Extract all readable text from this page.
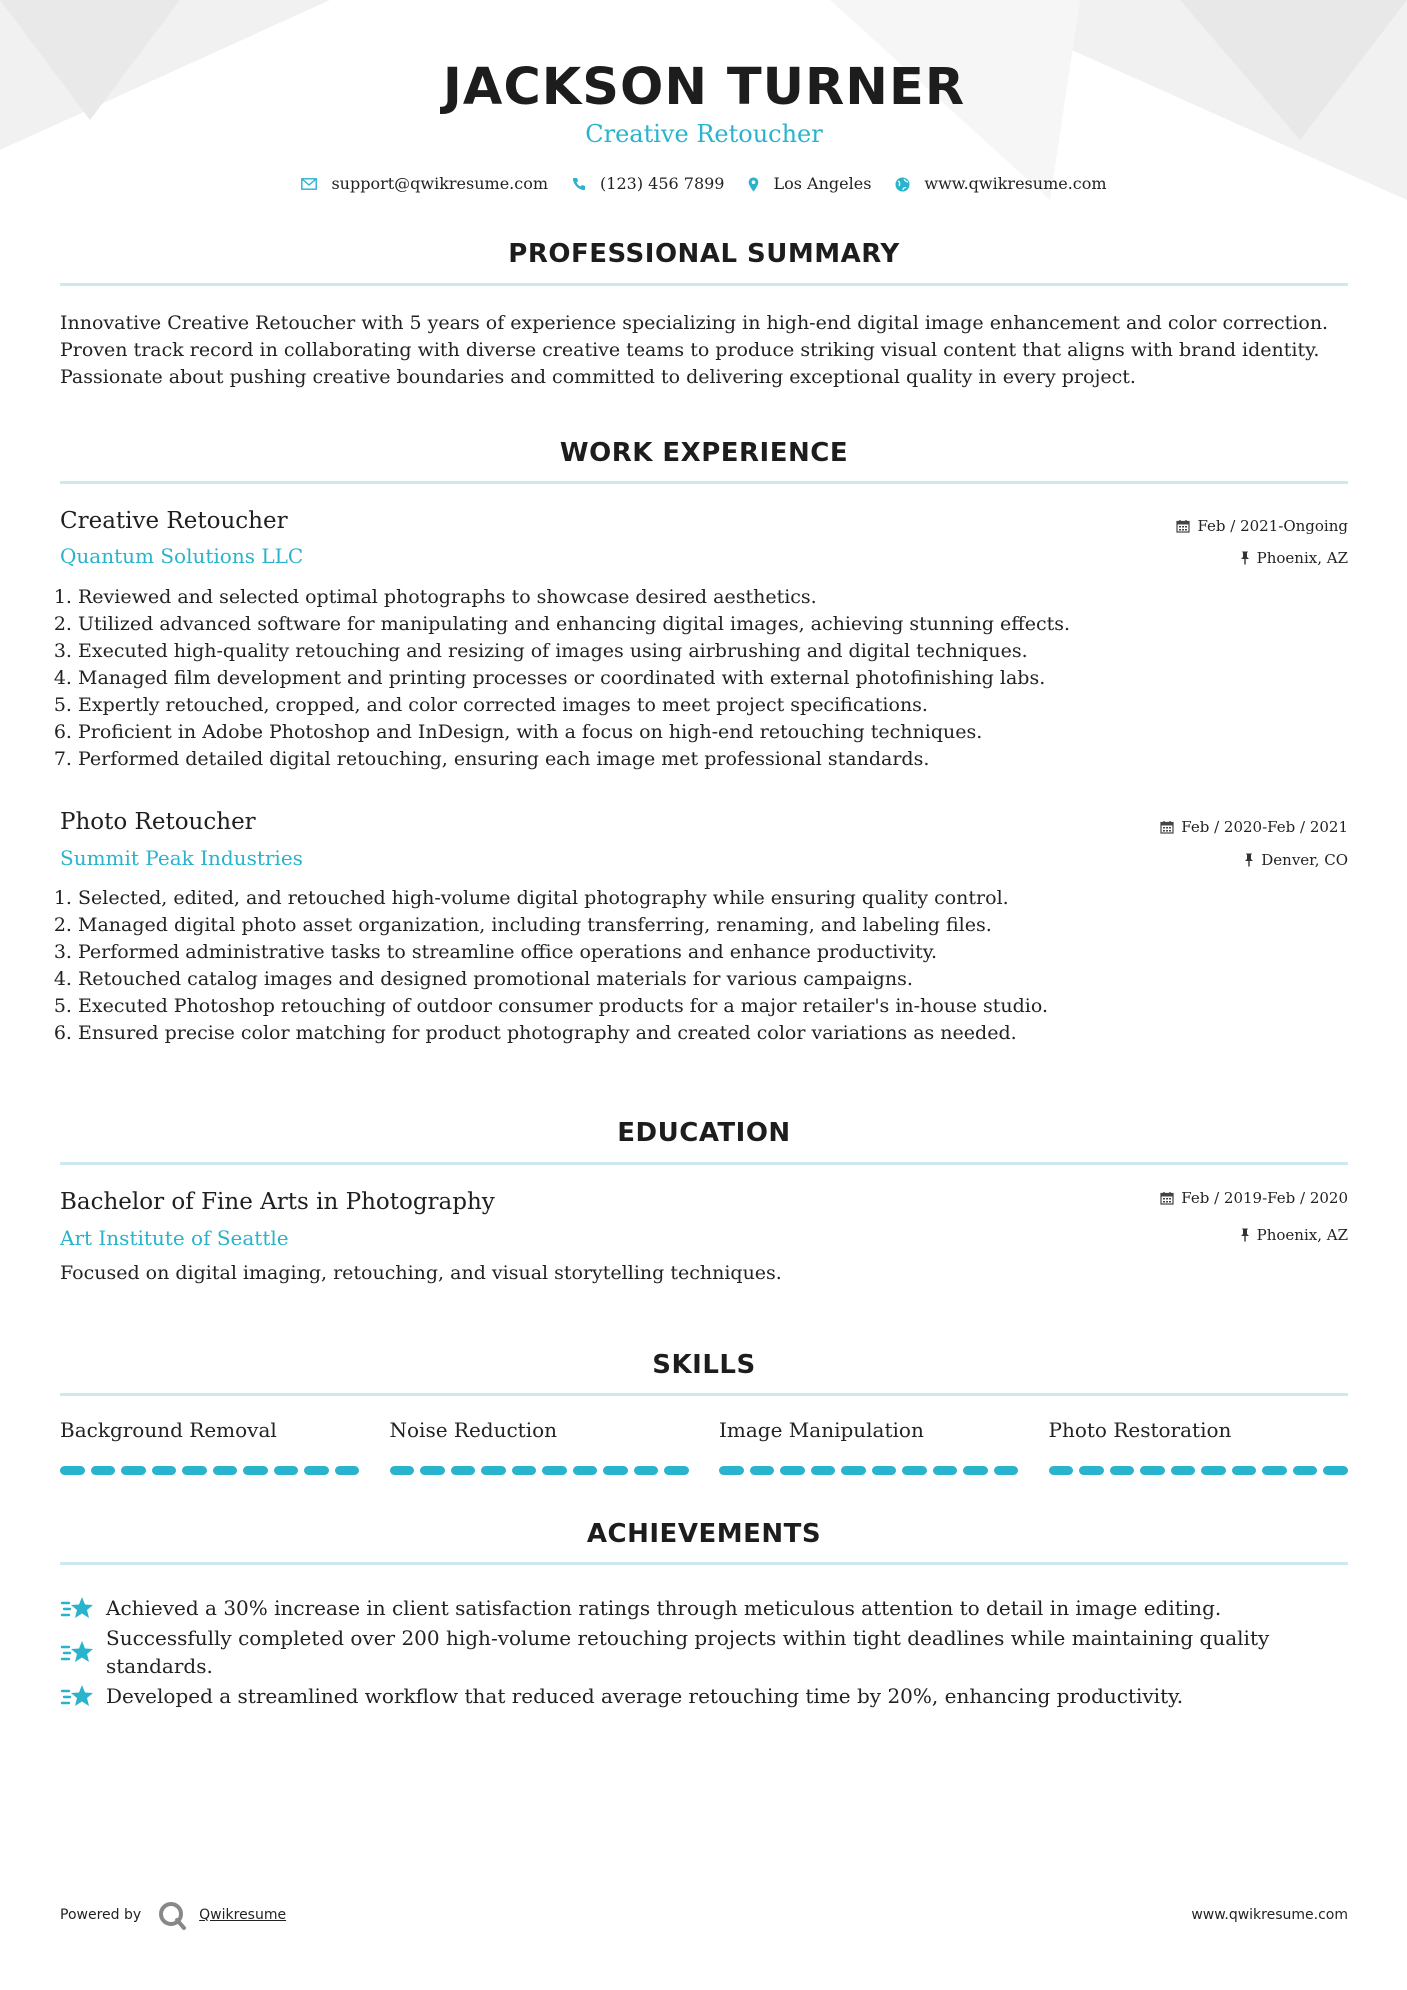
JACKSON TURNER
Creative Retoucher
support@qwikresume.com	(123) 456 7899	Los Angeles	www.qwikresume.com
PROFESSIONAL SUMMARY
Innovative Creative Retoucher with 5 years of experience specializing in high-end digital image enhancement and color correction. Proven track record in collaborating with diverse creative teams to produce striking visual content that aligns with brand identity. Passionate about pushing creative boundaries and committed to delivering exceptional quality in every project.
WORK EXPERIENCE
Creative Retoucher
Quantum Solutions LLC
Feb / 2021-Ongoing
Phoenix, AZ
1. Reviewed and selected optimal photographs to showcase desired aesthetics.
2. Utilized advanced software for manipulating and enhancing digital images, achieving stunning effects.
3. Executed high-quality retouching and resizing of images using airbrushing and digital techniques.
4. Managed film development and printing processes or coordinated with external photofinishing labs.
5. Expertly retouched, cropped, and color corrected images to meet project specifications.
6. Proficient in Adobe Photoshop and InDesign, with a focus on high-end retouching techniques.
7. Performed detailed digital retouching, ensuring each image met professional standards.
Photo Retoucher
Summit Peak Industries
Feb / 2020-Feb / 2021
Denver, CO
1. Selected, edited, and retouched high-volume digital photography while ensuring quality control.
2. Managed digital photo asset organization, including transferring, renaming, and labeling files.
3. Performed administrative tasks to streamline office operations and enhance productivity.
4. Retouched catalog images and designed promotional materials for various campaigns.
5. Executed Photoshop retouching of outdoor consumer products for a major retailer's in-house studio.
6. Ensured precise color matching for product photography and created color variations as needed.
EDUCATION
Bachelor of Fine Arts in Photography
Art Institute of Seattle
Feb / 2019-Feb / 2020
Phoenix, AZ
Focused on digital imaging, retouching, and visual storytelling techniques.
SKILLS
Background Removal	Noise Reduction	Image Manipulation	Photo Restoration
ACHIEVEMENTS
Achieved a 30% increase in client satisfaction ratings through meticulous attention to detail in image editing.
Successfully completed over 200 high-volume retouching projects within tight deadlines while maintaining quality standards.
Developed a streamlined workflow that reduced average retouching time by 20%, enhancing productivity.
Powered by	Qwikresume	www.qwikresume.com
